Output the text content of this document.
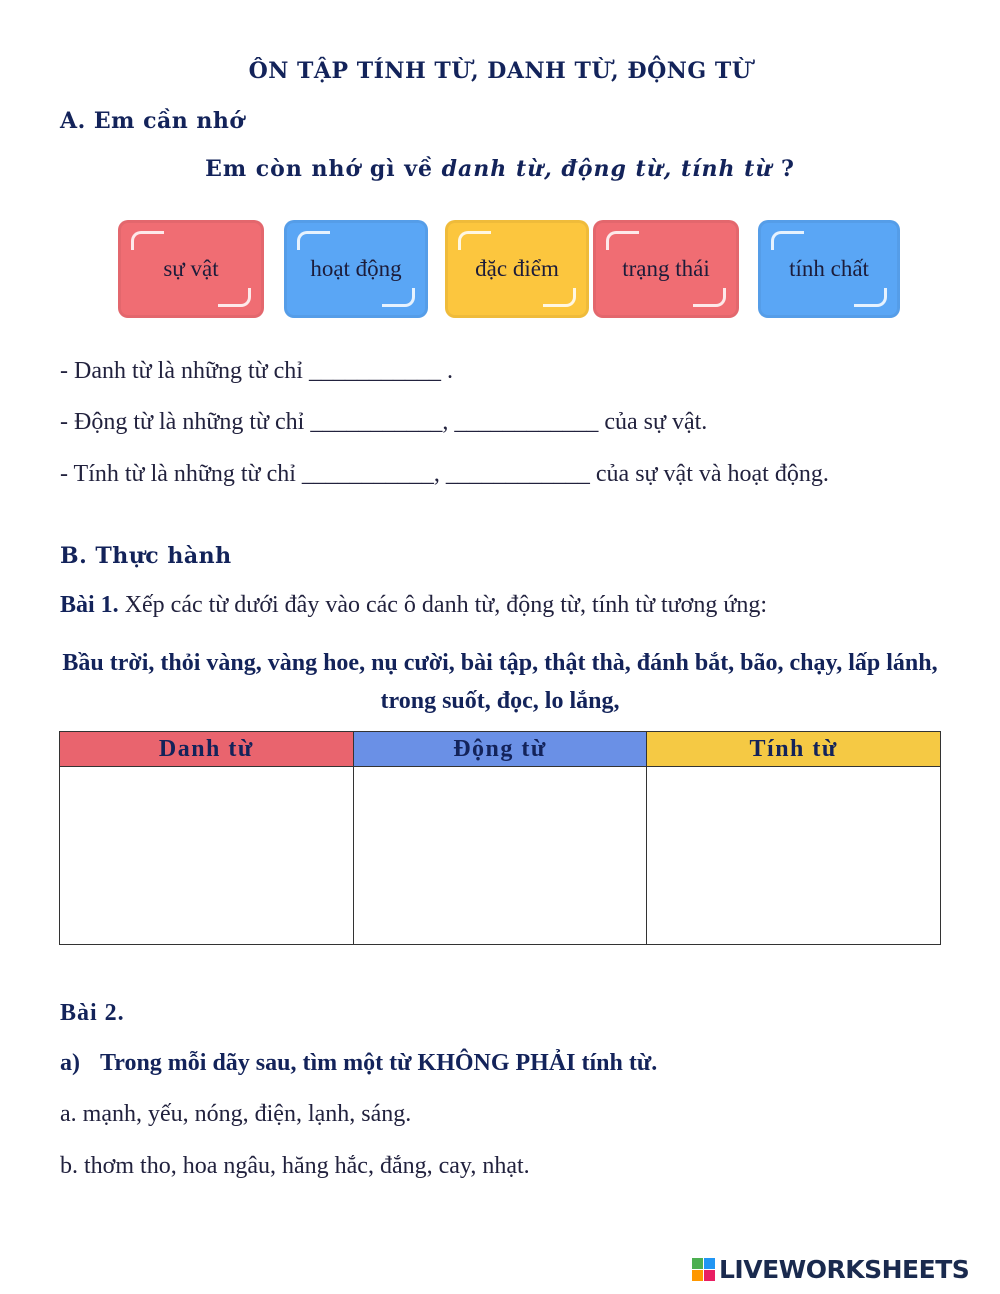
ÔN TẬP TÍNH TỪ, DANH TỪ, ĐỘNG TỪ
A. Em cần nhớ
Em còn nhớ gì về danh từ, động từ, tính từ ?
sự vật	hoạt động	đặc điểm	trạng thái	tính chất
- Danh từ là những từ chỉ ___________ .
- Động từ là những từ chỉ ___________, ____________ của sự vật.
- Tính từ là những từ chỉ ___________, ____________ của sự vật và hoạt động.
B. Thực hành
Bài 1. Xếp các từ dưới đây vào các ô danh từ, động từ, tính từ tương ứng:
Bầu trời, thỏi vàng, vàng hoe, nụ cười, bài tập, thật thà, đánh bắt, bão, chạy, lấp lánh, trong suốt, đọc, lo lắng,
Danh từ	Động từ	Tính từ

Bài 2.
a) Trong mỗi dãy sau, tìm một từ KHÔNG PHẢI tính từ.
a. mạnh, yếu, nóng, điện, lạnh, sáng.
b. thơm tho, hoa ngâu, hăng hắc, đắng, cay, nhạt.
LIVEWORKSHEETS
